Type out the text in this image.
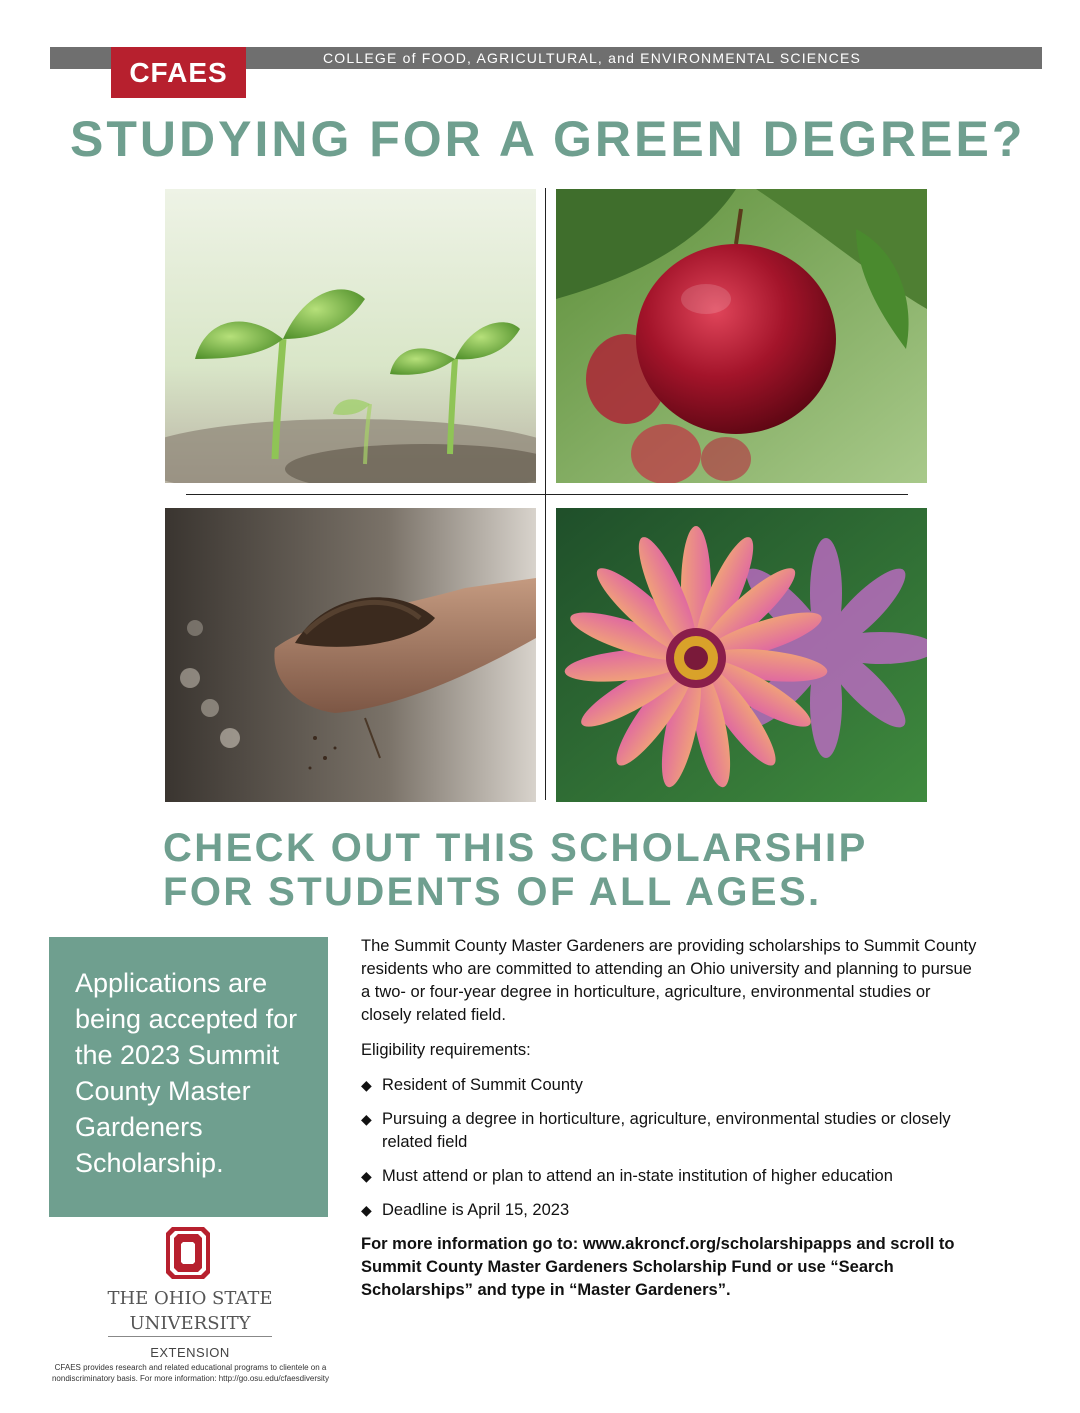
COLLEGE of FOOD, AGRICULTURAL, and ENVIRONMENTAL SCIENCES
CFAES
STUDYING FOR A GREEN DEGREE?
CHECK OUT THIS SCHOLARSHIP
FOR STUDENTS OF ALL AGES.
Applications are being accepted for the 2023 Summit County Master Gardeners Scholarship.

The Summit County Master Gardeners are providing scholarships to Summit County residents who are committed to attending an Ohio university and planning to pursue a two- or four-year degree in horticulture, agriculture, environmental studies or closely related field.

Eligibility requirements:

◆ Resident of Summit County
◆ Pursuing a degree in horticulture, agriculture, environmental studies or closely related field
◆ Must attend or plan to attend an in-state institution of higher education
◆ Deadline is April 15, 2023

For more information go to: www.akroncf.org/scholarshipapps and scroll to Summit County Master Gardeners Scholarship Fund or use “Search Scholarships” and type in “Master Gardeners”.

THE OHIO STATE
UNIVERSITY
EXTENSION
CFAES provides research and related educational programs to clientele on a nondiscriminatory basis. For more information: http://go.osu.edu/cfaesdiversity
